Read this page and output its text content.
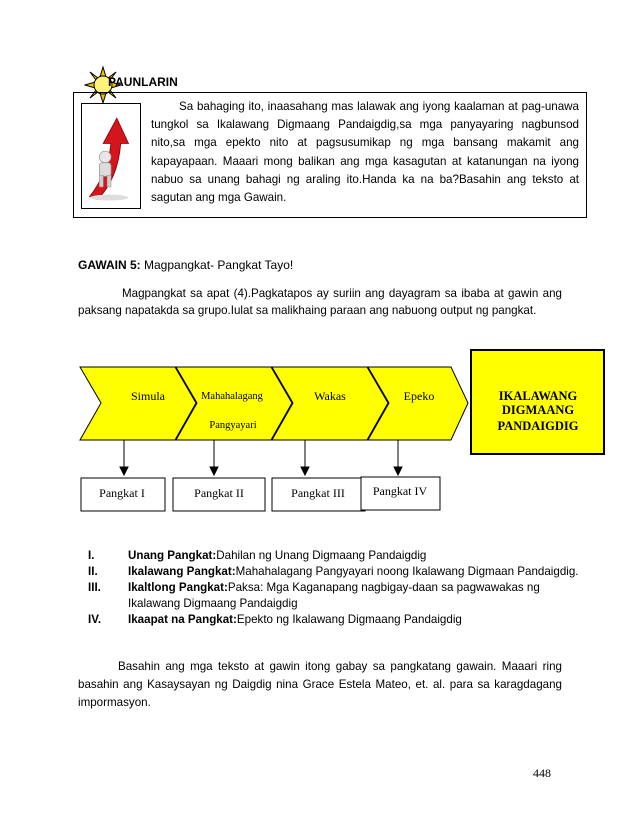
PAUNLARIN
Sa bahaging ito, inaasahang mas lalawak ang iyong kaalaman at pag-unawa tungkol sa Ikalawang Digmaang Pandaigdig,sa mga panyayaring nagbunsod nito,sa mga epekto nito at pagsusumikap ng mga bansang makamit ang kapayapaan. Maaari mong balikan ang mga kasagutan at katanungan na iyong nabuo sa unang bahagi ng araling ito.Handa ka na ba?Basahin ang teksto at sagutan ang mga Gawain.
GAWAIN 5: Magpangkat- Pangkat Tayo!
Magpangkat sa apat (4).Pagkatapos ay suriin ang dayagram sa ibaba at gawin ang paksang napatakda sa grupo.Iulat sa malikhaing paraan ang nabuong output ng pangkat.
Simula	Mahahalagang
Pangyayari
Wakas	Epeko	IKALAWANG
DIGMAANG
PANDAIGDIG
Pangkat I	Pangkat II	Pangkat III Pangkat IV

I.	Unang Pangkat:Dahilan ng Unang Digmaang Pandaigdig

II.	Ikalawang Pangkat:Mahahalagang Pangyayari noong Ikalawang Digmaan Pandaigdig.

III. Ikaltlong Pangkat:Paksa: Mga Kaganapang nagbigay-daan sa pagwawakas ng Ikalawang Digmaang Pandaigdig

IV. Ikaapat na Pangkat:Epekto ng Ikalawang Digmaang Pandaigdig

Basahin ang mga teksto at gawin itong gabay sa pangkatang gawain. Maaari ring basahin ang Kasaysayan ng Daigdig nina Grace Estela Mateo, et. al. para sa karagdagang impormasyon.
448
